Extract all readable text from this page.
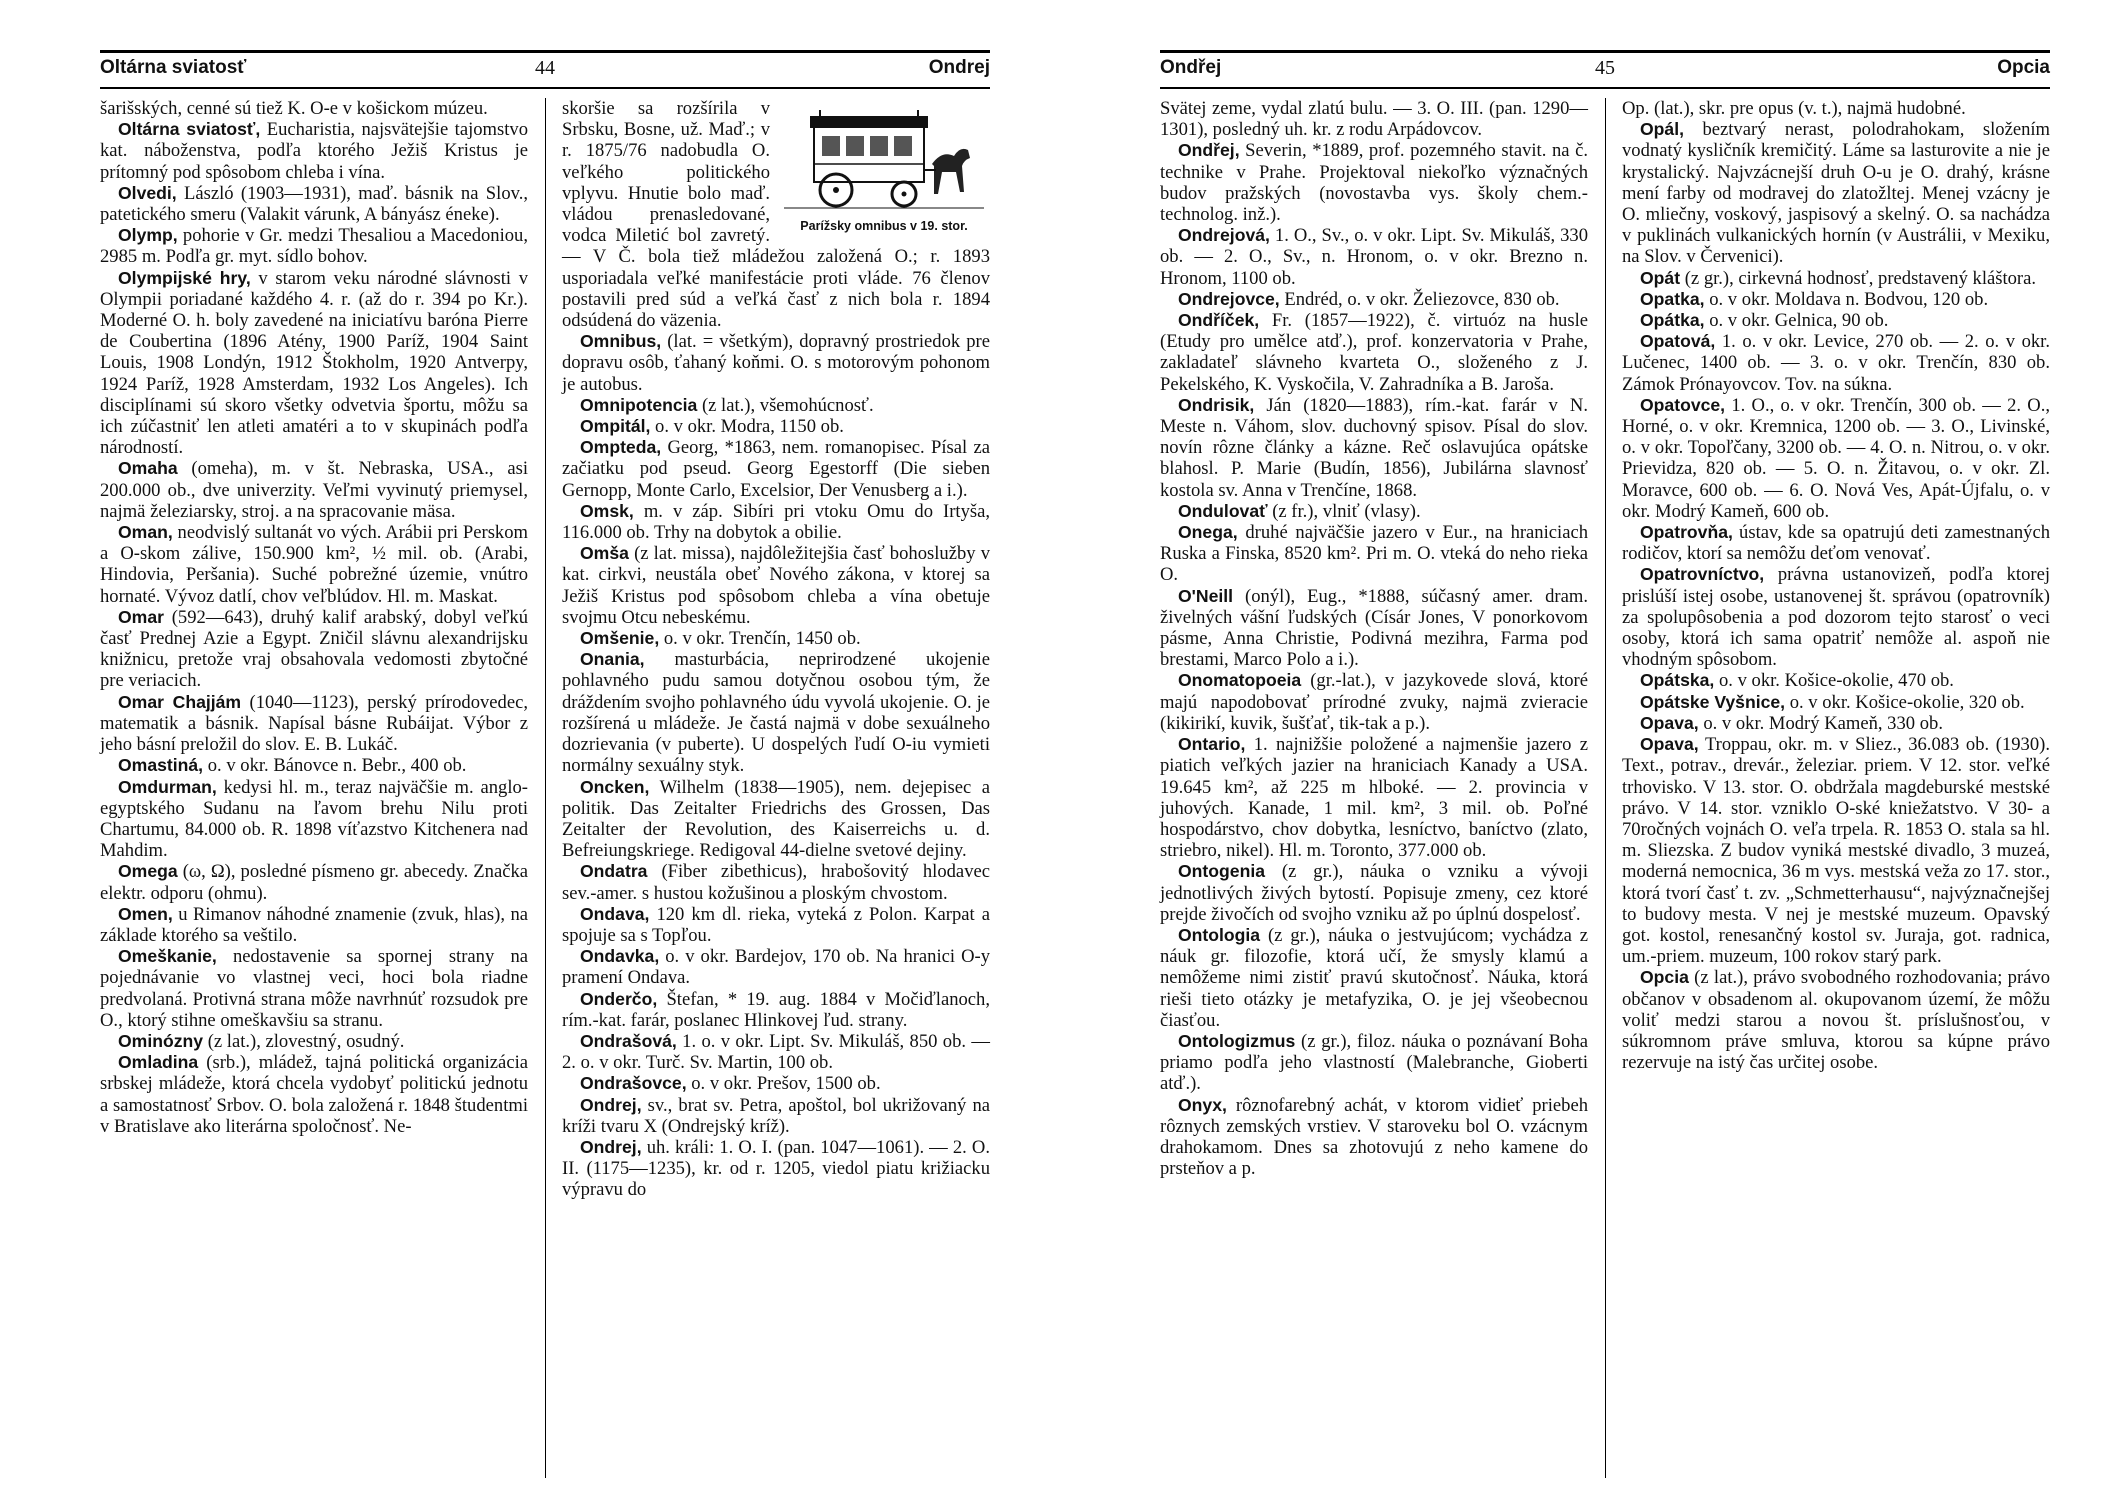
Oltárna sviatosť	44	Ondrej

šarišských, cenné sú tiež K. O-e v košickom múzeu.

Oltárna sviatosť, Eucharistia, najsvätejšie tajomstvo kat. náboženstva, podľa ktorého Ježiš Kristus je prítomný pod spôsobom chleba i vína.

Olvedi, László (1903—1931), maď. básnik na Slov., patetického smeru (Valakit várunk, A bányász éneke).

Olymp, pohorie v Gr. medzi Thesaliou a Macedoniou, 2985 m. Podľa gr. myt. sídlo bohov.

Olympijské hry, v starom veku národné slávnosti v Olympii poriadané každého 4. r. (až do r. 394 po Kr.). Moderné O. h. boly zavedené na iniciatívu baróna Pierre de Coubertina (1896 Atény, 1900 Paríž, 1904 Saint Louis, 1908 Londýn, 1912 Štokholm, 1920 Antverpy, 1924 Paríž, 1928 Amsterdam, 1932 Los Angeles). Ich disciplínami sú skoro všetky odvetvia športu, môžu sa ich zúčastniť len atleti amatéri a to v skupinách podľa národností.

Omaha (omeha), m. v št. Nebraska, USA., asi 200.000 ob., dve univerzity. Veľmi vyvinutý priemysel, najmä železiarsky, stroj. a na spracovanie mäsa.

Oman, neodvislý sultanát vo vých. Arábii pri Perskom a O-skom zálive, 150.900 km², ½ mil. ob. (Arabi, Hindovia, Peršania). Suché pobrežné územie, vnútro hornaté. Vývoz datlí, chov veľblúdov. Hl. m. Maskat.

Omar (592—643), druhý kalif arabský, dobyl veľkú časť Prednej Azie a Egypt. Zničil slávnu alexandrijsku knižnicu, pretože vraj obsahovala vedomosti zbytočné pre veriacich.

Omar Chajjám (1040—1123), perský prírodovedec, matematik a básnik. Napísal básne Rubáijat. Výbor z jeho básní preložil do slov. E. B. Lukáč.

Omastiná, o. v okr. Bánovce n. Bebr., 400 ob.

Omdurman, kedysi hl. m., teraz najväčšie m. anglo-egyptského Sudanu na ľavom brehu Nilu proti Chartumu, 84.000 ob. R. 1898 víťazstvo Kitchenera nad Mahdim.

Omega (ω, Ω), posledné písmeno gr. abecedy. Značka elektr. odporu (ohmu).

Omen, u Rimanov náhodné znamenie (zvuk, hlas), na základe ktorého sa veštilo.

Omeškanie, nedostavenie sa spornej strany na pojednávanie vo vlastnej veci, hoci bola riadne predvolaná. Protivná strana môže navrhnúť rozsudok pre O., ktorý stihne omeškavšiu sa stranu.

Ominózny (z lat.), zlovestný, osudný.

Omladina (srb.), mládež, tajná politická organizácia srbskej mládeže, ktorá chcela vydobyť politickú jednotu a samostatnosť Srbov. O. bola založená r. 1848 študentmi v Bratislave ako literárna spoločnosť. Ne-

Parížsky omnibus v 19. stor.
skoršie sa rozšírila v Srbsku, Bosne, už. Maď.; v r. 1875/76 nadobudla O. veľkého politického vplyvu. Hnutie bolo maď. vládou prenasledované, vodca Miletić bol zavretý. — V Č. bola tiež mládežou založená O.; r. 1893 usporiadala veľké manifestácie proti vláde. 76 členov postavili pred súd a veľká časť z nich bola r. 1894 odsúdená do väzenia.

Omnibus, (lat. = všetkým), dopravný prostriedok pre dopravu osôb, ťahaný koňmi. O. s motorovým pohonom je autobus.

Omnipotencia (z lat.), všemohúcnosť.

Ompitál, o. v okr. Modra, 1150 ob.

Ompteda, Georg, *1863, nem. romanopisec. Písal za začiatku pod pseud. Georg Egestorff (Die sieben Gernopp, Monte Carlo, Excelsior, Der Venusberg a i.).

Omsk, m. v záp. Sibíri pri vtoku Omu do Irtyša, 116.000 ob. Trhy na dobytok a obilie.

Omša (z lat. missa), najdôležitejšia časť bohoslužby v kat. cirkvi, neustála obeť Nového zákona, v ktorej sa Ježiš Kristus pod spôsobom chleba a vína obetuje svojmu Otcu nebeskému.

Omšenie, o. v okr. Trenčín, 1450 ob.

Onania, masturbácia, neprirodzené ukojenie pohlavného pudu samou dotyčnou osobou tým, že dráždením svojho pohlavného údu vyvolá ukojenie. O. je rozšírená u mládeže. Je častá najmä v dobe sexuálneho dozrievania (v puberte). U dospelých ľudí O-iu vymieti normálny sexuálny styk.

Oncken, Wilhelm (1838—1905), nem. dejepisec a politik. Das Zeitalter Friedrichs des Grossen, Das Zeitalter der Revolution, des Kaiserreichs u. d. Befreiungskriege. Redigoval 44-dielne svetové dejiny.

Ondatra (Fiber zibethicus), hrabošovitý hlodavec sev.-amer. s hustou kožušinou a ploským chvostom.

Ondava, 120 km dl. rieka, vyteká z Polon. Karpat a spojuje sa s Topľou.

Ondavka, o. v okr. Bardejov, 170 ob. Na hranici O-y pramení Ondava.

Onderčo, Štefan, * 19. aug. 1884 v Močiďlanoch, rím.-kat. farár, poslanec Hlinkovej ľud. strany.

Ondrašová, 1. o. v okr. Lipt. Sv. Mikuláš, 850 ob. — 2. o. v okr. Turč. Sv. Martin, 100 ob.

Ondrašovce, o. v okr. Prešov, 1500 ob.

Ondrej, sv., brat sv. Petra, apoštol, bol ukrižovaný na kríži tvaru X (Ondrejský kríž).

Ondrej, uh. králi: 1. O. I. (pan. 1047—1061). — 2. O. II. (1175—1235), kr. od r. 1205, viedol piatu križiacku výpravu do

Ondřej	45	Opcia

Svätej zeme, vydal zlatú bulu. — 3. O. III. (pan. 1290—1301), posledný uh. kr. z rodu Arpádovcov.

Ondřej, Severin, *1889, prof. pozemného stavit. na č. technike v Prahe. Projektoval niekoľko význačných budov pražských (novostavba vys. školy chem.-technolog. inž.).

Ondrejová, 1. O., Sv., o. v okr. Lipt. Sv. Mikuláš, 330 ob. — 2. O., Sv., n. Hronom, o. v okr. Brezno n. Hronom, 1100 ob.

Ondrejovce, Endréd, o. v okr. Želiezovce, 830 ob.

Ondříček, Fr. (1857—1922), č. virtuóz na husle (Etudy pro umělce atď.), prof. konzervatoria v Prahe, zakladateľ slávneho kvarteta O., složeného z J. Pekelského, K. Vyskočila, V. Zahradníka a B. Jaroša.

Ondrisik, Ján (1820—1883), rím.-kat. farár v N. Meste n. Váhom, slov. duchovný spisov. Písal do slov. novín rôzne články a kázne. Reč oslavujúca opátske blahosl. P. Marie (Budín, 1856), Jubilárna slavnosť kostola sv. Anna v Trenčíne, 1868.

Ondulovať (z fr.), vlniť (vlasy).

Onega, druhé najväčšie jazero v Eur., na hraniciach Ruska a Finska, 8520 km². Pri m. O. vteká do neho rieka O.

O'Neill (onýl), Eug., *1888, súčasný amer. dram. živelných vášní ľudských (Císár Jones, V ponorkovom pásme, Anna Christie, Podivná mezihra, Farma pod brestami, Marco Polo a i.).

Onomatopoeia (gr.-lat.), v jazykovede slová, ktoré majú napodobovať prírodné zvuky, najmä zvieracie (kikirikí, kuvik, šušťať, tik-tak a p.).

Ontario, 1. najnižšie položené a najmenšie jazero z piatich veľkých jazier na hraniciach Kanady a USA. 19.645 km², až 225 m hlboké. — 2. provincia v juhových. Kanade, 1 mil. km², 3 mil. ob. Poľné hospodárstvo, chov dobytka, lesníctvo, baníctvo (zlato, striebro, nikel). Hl. m. Toronto, 377.000 ob.

Ontogenia (z gr.), náuka o vzniku a vývoji jednotlivých živých bytostí. Popisuje zmeny, cez ktoré prejde živočích od svojho vzniku až po úplnú dospelosť.

Ontologia (z gr.), náuka o jestvujúcom; vychádza z náuk gr. filozofie, ktorá učí, že smysly klamú a nemôžeme nimi zistiť pravú skutočnosť. Náuka, ktorá rieši tieto otázky je metafyzika, O. je jej všeobecnou čiasťou.

Ontologizmus (z gr.), filoz. náuka o poznávaní Boha priamo podľa jeho vlastností (Malebranche, Gioberti atď.).

Onyx, rôznofarebný achát, v ktorom vidieť priebeh rôznych zemských vrstiev. V staroveku bol O. vzácnym drahokamom. Dnes sa zhotovujú z neho kamene do prsteňov a p.

Op. (lat.), skr. pre opus (v. t.), najmä hudobné.

Opál, beztvarý nerast, polodrahokam, složením vodnatý kysličník kremičitý. Láme sa lasturovite a nie je krystalický. Najvzácnejší druh O-u je O. drahý, krásne mení farby od modravej do zlatožltej. Menej vzácny je O. mliečny, voskový, jaspisový a skelný. O. sa nachádza v puklinách vulkanických hornín (v Austrálii, v Mexiku, na Slov. v Červenici).

Opát (z gr.), cirkevná hodnosť, predstavený kláštora.

Opatka, o. v okr. Moldava n. Bodvou, 120 ob.

Opátka, o. v okr. Gelnica, 90 ob.

Opatová, 1. o. v okr. Levice, 270 ob. — 2. o. v okr. Lučenec, 1400 ob. — 3. o. v okr. Trenčín, 830 ob. Zámok Prónayovcov. Tov. na súkna.

Opatovce, 1. O., o. v okr. Trenčín, 300 ob. — 2. O., Horné, o. v okr. Kremnica, 1200 ob. — 3. O., Livinské, o. v okr. Topoľčany, 3200 ob. — 4. O. n. Nitrou, o. v okr. Prievidza, 820 ob. — 5. O. n. Žitavou, o. v okr. Zl. Moravce, 600 ob. — 6. O. Nová Ves, Apát-Újfalu, o. v okr. Modrý Kameň, 600 ob.

Opatrovňa, ústav, kde sa opatrujú deti zamestnaných rodičov, ktorí sa nemôžu deťom venovať.

Opatrovníctvo, právna ustanovizeň, podľa ktorej prislúší istej osobe, ustanovenej št. správou (opatrovník) za spolupôsobenia a pod dozorom tejto starosť o veci osoby, ktorá ich sama opatriť nemôže al. aspoň nie vhodným spôsobom.

Opátska, o. v okr. Košice-okolie, 470 ob.

Opátske Vyšnice, o. v okr. Košice-okolie, 320 ob.

Opava, o. v okr. Modrý Kameň, 330 ob.

Opava, Troppau, okr. m. v Sliez., 36.083 ob. (1930). Text., potrav., drevár., železiar. priem. V 12. stor. veľké trhovisko. V 13. stor. O. obdržala magdeburské mestské právo. V 14. stor. vzniklo O-ské kniežatstvo. V 30- a 70ročných vojnách O. veľa trpela. R. 1853 O. stala sa hl. m. Sliezska. Z budov vyniká mestské divadlo, 3 muzeá, moderná nemocnica, 36 m vys. mestská veža zo 17. stor., ktorá tvorí časť t. zv. „Schmetterhausu“, najvýznačnejšej to budovy mesta. V nej je mestské muzeum. Opavský got. kostol, renesančný kostol sv. Juraja, got. radnica, um.-priem. muzeum, 100 rokov starý park.

Opcia (z lat.), právo svobodného rozhodovania; právo občanov v obsadenom al. okupovanom území, že môžu voliť medzi starou a novou št. príslušnosťou, v súkromnom práve smluva, ktorou sa kúpne právo rezervuje na istý čas určitej osobe.
